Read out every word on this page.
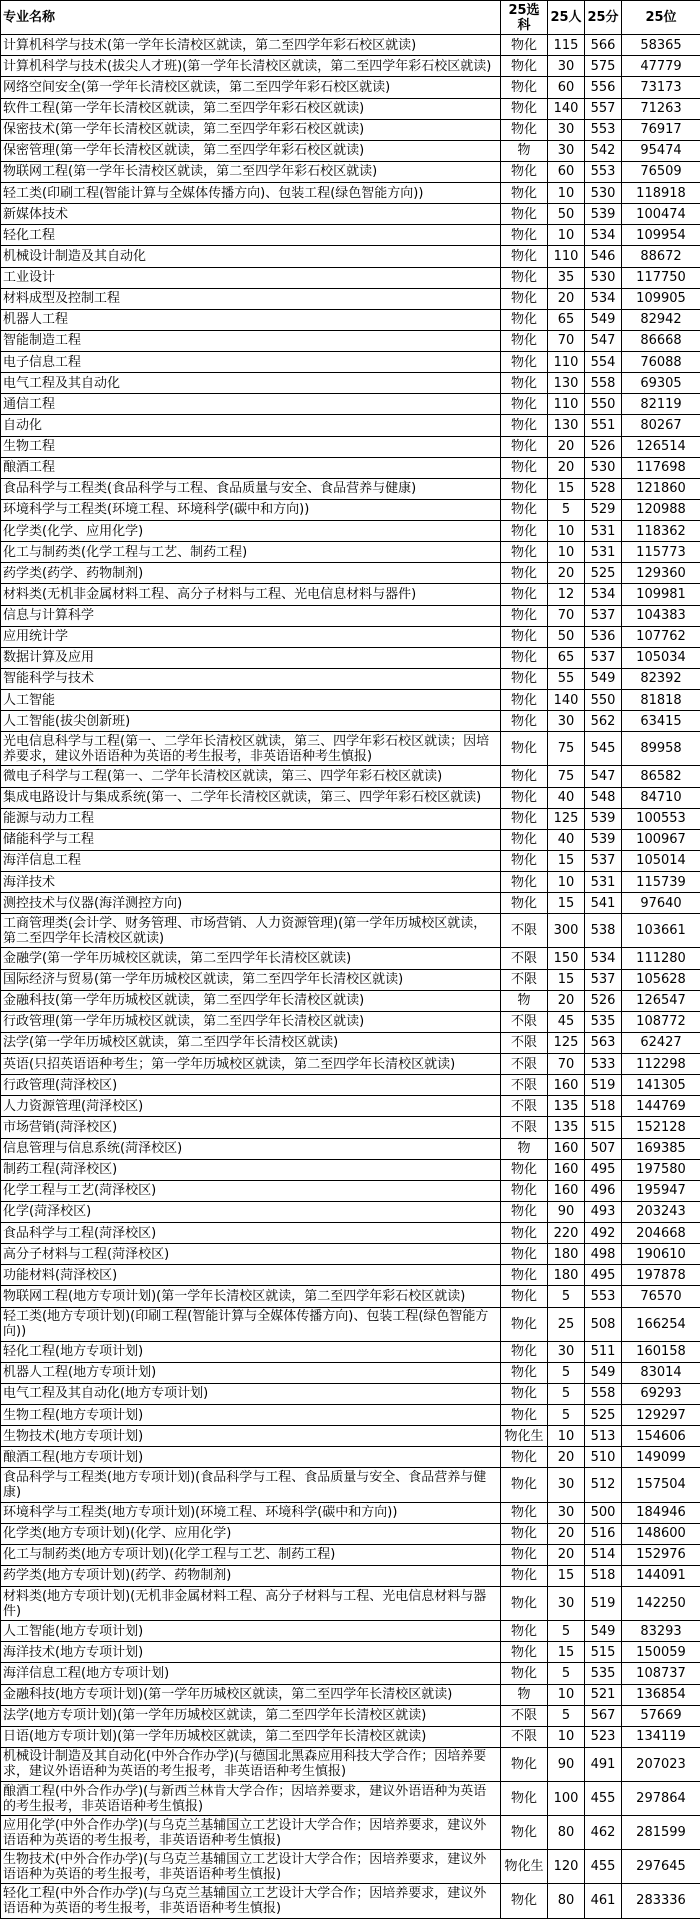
专业名称	25选科	25人	25分	25位
计算机科学与技术(第一学年长清校区就读，第二至四学年彩石校区就读)	物化	115	566	58365
计算机科学与技术(拔尖人才班)(第一学年长清校区就读，第二至四学年彩石校区就读)	物化	30	575	47779
网络空间安全(第一学年长清校区就读，第二至四学年彩石校区就读)	物化	60	556	73173
软件工程(第一学年长清校区就读，第二至四学年彩石校区就读)	物化	140	557	71263
保密技术(第一学年长清校区就读，第二至四学年彩石校区就读)	物化	30	553	76917
保密管理(第一学年长清校区就读，第二至四学年彩石校区就读)	物	30	542	95474
物联网工程(第一学年长清校区就读，第二至四学年彩石校区就读)	物化	60	553	76509
轻工类(印刷工程(智能计算与全媒体传播方向)、包装工程(绿色智能方向))	物化	10	530	118918
新媒体技术	物化	50	539	100474
轻化工程	物化	10	534	109954
机械设计制造及其自动化	物化	110	546	88672
工业设计	物化	35	530	117750
材料成型及控制工程	物化	20	534	109905
机器人工程	物化	65	549	82942
智能制造工程	物化	70	547	86668
电子信息工程	物化	110	554	76088
电气工程及其自动化	物化	130	558	69305
通信工程	物化	110	550	82119
自动化	物化	130	551	80267
生物工程	物化	20	526	126514
酿酒工程	物化	20	530	117698
食品科学与工程类(食品科学与工程、食品质量与安全、食品营养与健康)	物化	15	528	121860
环境科学与工程类(环境工程、环境科学(碳中和方向))	物化	5	529	120988
化学类(化学、应用化学)	物化	10	531	118362
化工与制药类(化学工程与工艺、制药工程)	物化	10	531	115773
药学类(药学、药物制剂)	物化	20	525	129360
材料类(无机非金属材料工程、高分子材料与工程、光电信息材料与器件)	物化	12	534	109981
信息与计算科学	物化	70	537	104383
应用统计学	物化	50	536	107762
数据计算及应用	物化	65	537	105034
智能科学与技术	物化	55	549	82392
人工智能	物化	140	550	81818
人工智能(拔尖创新班)	物化	30	562	63415
光电信息科学与工程(第一、二学年长清校区就读，第三、四学年彩石校区就读；因培养要求，建议外语语种为英语的考生报考，非英语语种考生慎报)	物化	75	545	89958
微电子科学与工程(第一、二学年长清校区就读，第三、四学年彩石校区就读)	物化	75	547	86582
集成电路设计与集成系统(第一、二学年长清校区就读，第三、四学年彩石校区就读)	物化	40	548	84710
能源与动力工程	物化	125	539	100553
储能科学与工程	物化	40	539	100967
海洋信息工程	物化	15	537	105014
海洋技术	物化	10	531	115739
测控技术与仪器(海洋测控方向)	物化	15	541	97640
工商管理类(会计学、财务管理、市场营销、人力资源管理)(第一学年历城校区就读，第二至四学年长清校区就读)	不限	300	538	103661
金融学(第一学年历城校区就读，第二至四学年长清校区就读)	不限	150	534	111280
国际经济与贸易(第一学年历城校区就读，第二至四学年长清校区就读)	不限	15	537	105628
金融科技(第一学年历城校区就读，第二至四学年长清校区就读)	物	20	526	126547
行政管理(第一学年历城校区就读，第二至四学年长清校区就读)	不限	45	535	108772
法学(第一学年历城校区就读，第二至四学年长清校区就读)	不限	125	563	62427
英语(只招英语语种考生；第一学年历城校区就读，第二至四学年长清校区就读)	不限	70	533	112298
行政管理(菏泽校区)	不限	160	519	141305
人力资源管理(菏泽校区)	不限	135	518	144769
市场营销(菏泽校区)	不限	135	515	152128
信息管理与信息系统(菏泽校区)	物	160	507	169385
制药工程(菏泽校区)	物化	160	495	197580
化学工程与工艺(菏泽校区)	物化	160	496	195947
化学(菏泽校区)	物化	90	493	203243
食品科学与工程(菏泽校区)	物化	220	492	204668
高分子材料与工程(菏泽校区)	物化	180	498	190610
功能材料(菏泽校区)	物化	180	495	197878
物联网工程(地方专项计划)(第一学年长清校区就读，第二至四学年彩石校区就读)	物化	5	553	76570
轻工类(地方专项计划)(印刷工程(智能计算与全媒体传播方向)、包装工程(绿色智能方向))	物化	25	508	166254
轻化工程(地方专项计划)	物化	30	511	160158
机器人工程(地方专项计划)	物化	5	549	83014
电气工程及其自动化(地方专项计划)	物化	5	558	69293
生物工程(地方专项计划)	物化	5	525	129297
生物技术(地方专项计划)	物化生	10	513	154606
酿酒工程(地方专项计划)	物化	20	510	149099
食品科学与工程类(地方专项计划)(食品科学与工程、食品质量与安全、食品营养与健康)	物化	30	512	157504
环境科学与工程类(地方专项计划)(环境工程、环境科学(碳中和方向))	物化	30	500	184946
化学类(地方专项计划)(化学、应用化学)	物化	20	516	148600
化工与制药类(地方专项计划)(化学工程与工艺、制药工程)	物化	20	514	152976
药学类(地方专项计划)(药学、药物制剂)	物化	15	518	144091
材料类(地方专项计划)(无机非金属材料工程、高分子材料与工程、光电信息材料与器件)	物化	30	519	142250
人工智能(地方专项计划)	物化	5	549	83293
海洋技术(地方专项计划)	物化	15	515	150059
海洋信息工程(地方专项计划)	物化	5	535	108737
金融科技(地方专项计划)(第一学年历城校区就读，第二至四学年长清校区就读)	物	10	521	136854
法学(地方专项计划)(第一学年历城校区就读，第二至四学年长清校区就读)	不限	5	567	57669
日语(地方专项计划)(第一学年历城校区就读，第二至四学年长清校区就读)	不限	10	523	134119
机械设计制造及其自动化(中外合作办学)(与德国北黑森应用科技大学合作；因培养要求，建议外语语种为英语的考生报考，非英语语种考生慎报)	物化	90	491	207023
酿酒工程(中外合作办学)(与新西兰林肯大学合作；因培养要求，建议外语语种为英语的考生报考，非英语语种考生慎报)	物化	100	455	297864
应用化学(中外合作办学)(与乌克兰基辅国立工艺设计大学合作；因培养要求，建议外语语种为英语的考生报考，非英语语种考生慎报)	物化	80	462	281599
生物技术(中外合作办学)(与乌克兰基辅国立工艺设计大学合作；因培养要求，建议外语语种为英语的考生报考，非英语语种考生慎报)	物化生	120	455	297645
轻化工程(中外合作办学)(与乌克兰基辅国立工艺设计大学合作；因培养要求，建议外语语种为英语的考生报考，非英语语种考生慎报)	物化	80	461	283336
